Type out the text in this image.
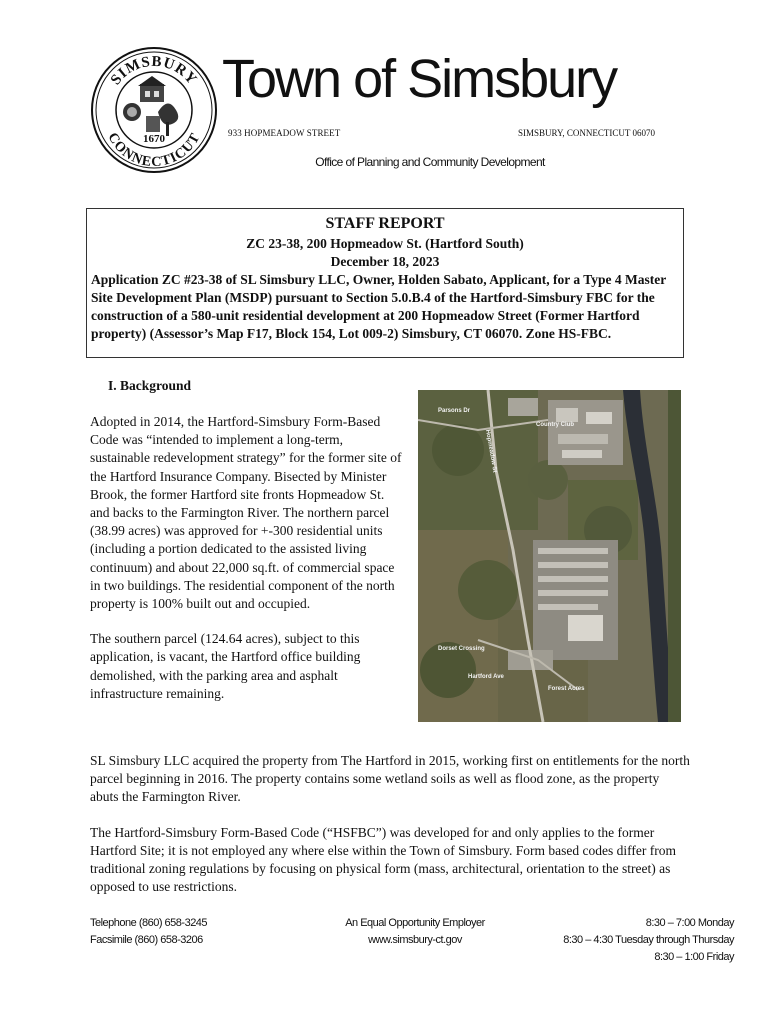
SIMSBURY
CONNECTICUT
1670
Town of Simsbury
933 HOPMEADOW STREET	SIMSBURY, CONNECTICUT 06070
Office of Planning and Community Development
STAFF REPORT
ZC 23-38, 200 Hopmeadow St. (Hartford South)
December 18, 2023
Application ZC #23-38 of SL Simsbury LLC, Owner, Holden Sabato, Applicant, for a Type 4 Master Site Development Plan (MSDP) pursuant to Section 5.0.B.4 of the Hartford-Simsbury FBC for the construction of a 580-unit residential development at 200 Hopmeadow Street (Former Hartford property) (Assessor’s Map F17, Block 154, Lot 009-2) Simsbury, CT 06070. Zone HS-FBC.
I. Background

Adopted in 2014, the Hartford-Simsbury Form-Based Code was “intended to implement a long-term, sustainable redevelopment strategy” for the former site of the Hartford Insurance Company. Bisected by Minister Brook, the former Hartford site fronts Hopmeadow St. and backs to the Farmington River. The northern parcel (38.99 acres) was approved for +-300 residential units (including a portion dedicated to the assisted living continuum) and about 22,000 sq.ft. of commercial space in two buildings. The residential component of the north property is 100% built out and occupied.

The southern parcel (124.64 acres), subject to this application, is vacant, the Hartford office building demolished, with the parking area and asphalt infrastructure remaining.

Parsons Dr
Hopmeadow St
Country Club
Dorset Crossing
Hartford Ave
Forest Acres

SL Simsbury LLC acquired the property from The Hartford in 2015, working first on entitlements for the north parcel beginning in 2016. The property contains some wetland soils as well as flood zone, as the property abuts the Farmington River.

The Hartford-Simsbury Form-Based Code (“HSFBC”) was developed for and only applies to the former Hartford Site; it is not employed any where else within the Town of Simsbury. Form based codes differ from traditional zoning regulations by focusing on physical form (mass, architectural, orientation to the street) as opposed to use restrictions.

Telephone (860) 658-3245
Facsimile (860) 658-3206
An Equal Opportunity Employer
www.simsbury-ct.gov
8:30 – 7:00 Monday
8:30 – 4:30 Tuesday through Thursday
8:30 – 1:00 Friday
